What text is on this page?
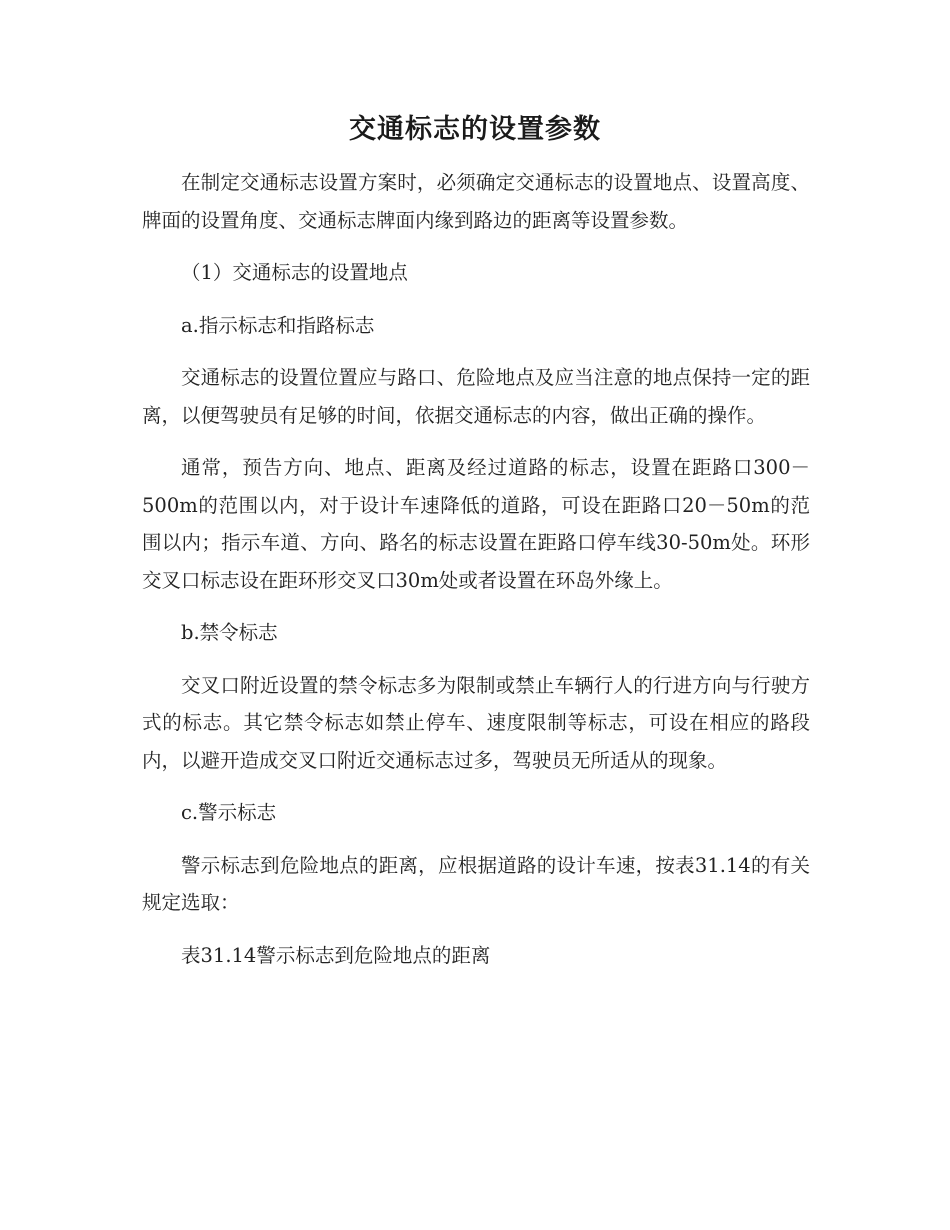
交通标志的设置参数

在制定交通标志设置方案时，必须确定交通标志的设置地点、设置高度、牌面的设置角度、交通标志牌面内缘到路边的距离等设置参数。

（1）交通标志的设置地点

a.指示标志和指路标志

交通标志的设置位置应与路口、危险地点及应当注意的地点保持一定的距离，以便驾驶员有足够的时间，依据交通标志的内容，做出正确的操作。

通常，预告方向、地点、距离及经过道路的标志，设置在距路口300－500m的范围以内，对于设计车速降低的道路，可设在距路口20－50m的范围以内；指示车道、方向、路名的标志设置在距路口停车线30-50m处。环形交叉口标志设在距环形交叉口30m处或者设置在环岛外缘上。

b.禁令标志

交叉口附近设置的禁令标志多为限制或禁止车辆行人的行进方向与行驶方式的标志。其它禁令标志如禁止停车、速度限制等标志，可设在相应的路段内，以避开造成交叉口附近交通标志过多，驾驶员无所适从的现象。

c.警示标志

警示标志到危险地点的距离，应根据道路的设计车速，按表31.14的有关规定选取：

表31.14警示标志到危险地点的距离
